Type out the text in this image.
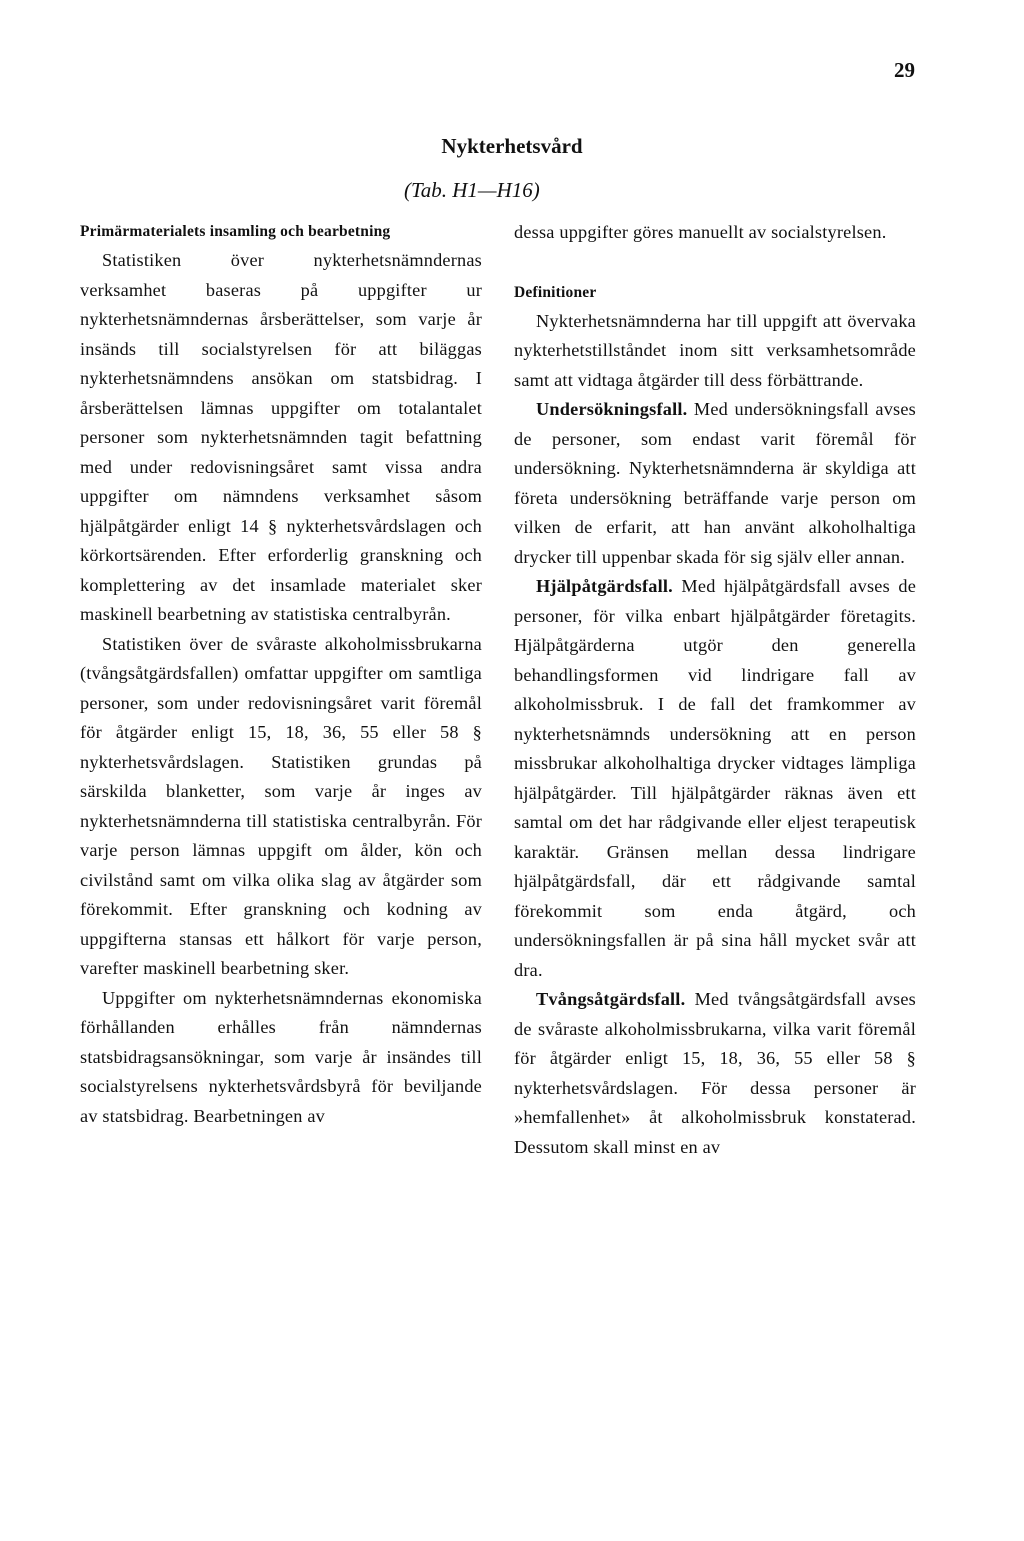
29
Nykterhetsvård
(Tab. H1—H16)

Primärmaterialets insamling och bearbetning

Statistiken över nykterhetsnämndernas verksamhet baseras på uppgifter ur nykterhetsnämndernas årsberättelser, som varje år insänds till socialstyrelsen för att biläggas nykterhetsnämndens ansökan om statsbidrag. I årsberättelsen lämnas uppgifter om totalantalet personer som nykterhetsnämnden tagit befattning med under redovisningsåret samt vissa andra uppgifter om nämndens verksamhet såsom hjälpåtgärder enligt 14 § nykterhetsvårdslagen och körkortsärenden. Efter erforderlig granskning och komplettering av det insamlade materialet sker maskinell bearbetning av statistiska centralbyrån.

Statistiken över de svåraste alkoholmissbrukarna (tvångsåtgärdsfallen) omfattar uppgifter om samtliga personer, som under redovisningsåret varit föremål för åtgärder enligt 15, 18, 36, 55 eller 58 § nykterhetsvårdslagen. Statistiken grundas på särskilda blanketter, som varje år inges av nykterhetsnämnderna till statistiska centralbyrån. För varje person lämnas uppgift om ålder, kön och civilstånd samt om vilka olika slag av åtgärder som förekommit. Efter granskning och kodning av uppgifterna stansas ett hålkort för varje person, varefter maskinell bearbetning sker.

Uppgifter om nykterhetsnämndernas ekonomiska förhållanden erhålles från nämndernas statsbidragsansökningar, som varje år insändes till socialstyrelsens nykterhetsvårdsbyrå för beviljande av statsbidrag. Bearbetningen av

dessa uppgifter göres manuellt av socialstyrelsen.

Definitioner

Nykterhetsnämnderna har till uppgift att övervaka nykterhetstillståndet inom sitt verksamhetsområde samt att vidtaga åtgärder till dess förbättrande.

Undersökningsfall. Med undersökningsfall avses de personer, som endast varit föremål för undersökning. Nykterhetsnämnderna är skyldiga att företa undersökning beträffande varje person om vilken de erfarit, att han använt alkoholhaltiga drycker till uppenbar skada för sig själv eller annan.

Hjälpåtgärdsfall. Med hjälpåtgärdsfall avses de personer, för vilka enbart hjälpåtgärder företagits. Hjälpåtgärderna utgör den generella behandlingsformen vid lindrigare fall av alkoholmissbruk. I de fall det framkommer av nykterhetsnämnds undersökning att en person missbrukar alkoholhaltiga drycker vidtages lämpliga hjälpåtgärder. Till hjälpåtgärder räknas även ett samtal om det har rådgivande eller eljest terapeutisk karaktär. Gränsen mellan dessa lindrigare hjälpåtgärdsfall, där ett rådgivande samtal förekommit som enda åtgärd, och undersökningsfallen är på sina håll mycket svår att dra.

Tvångsåtgärdsfall. Med tvångsåtgärdsfall avses de svåraste alkoholmissbrukarna, vilka varit föremål för åtgärder enligt 15, 18, 36, 55 eller 58 § nykterhetsvårdslagen. För dessa personer är »hemfallenhet» åt alkoholmissbruk konstaterad. Dessutom skall minst en av
